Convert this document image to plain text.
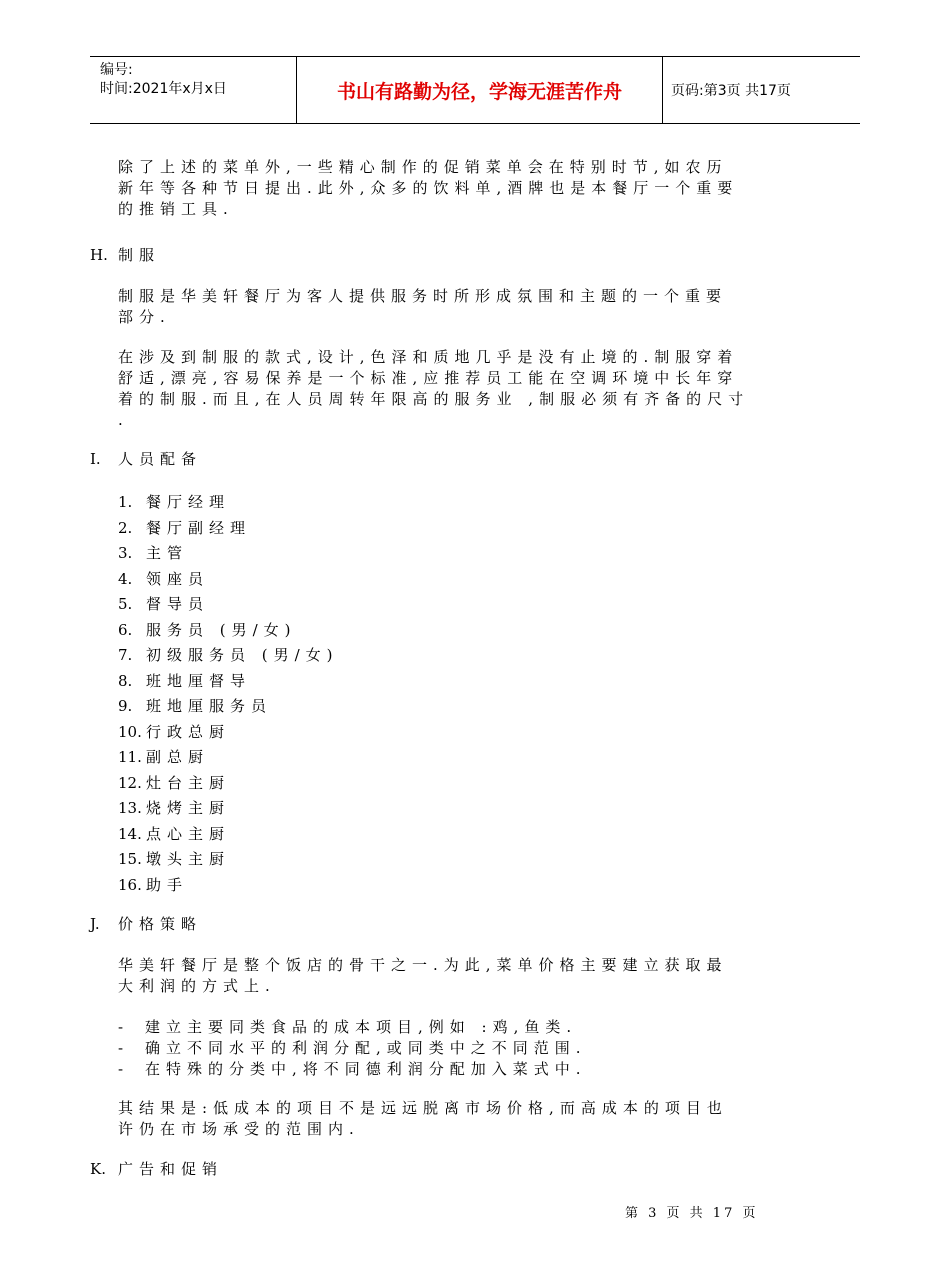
编号:
时间:2021年x月x日	书山有路勤为径，学海无涯苦作舟	页码:第3页 共17页
除了上述的菜单外,一些精心制作的促销菜单会在特别时节,如农历
新年等各种节日提出.此外,众多的饮料单,酒牌也是本餐厅一个重要
的推销工具.
H. 制服
制服是华美轩餐厅为客人提供服务时所形成氛围和主题的一个重要
部分.
在涉及到制服的款式,设计,色泽和质地几乎是没有止境的.制服穿着
舒适,漂亮,容易保养是一个标准,应推荐员工能在空调环境中长年穿
着的制服.而且,在人员周转年限高的服务业 ,制服必须有齐备的尺寸
.
I. 人员配备
1. 餐厅经理
2. 餐厅副经理
3. 主管
4. 领座员
5. 督导员
6. 服务员 (男/女)
7. 初级服务员 (男/女)
8. 班地厘督导
9. 班地厘服务员
10. 行政总厨
11. 副总厨
12. 灶台主厨
13. 烧烤主厨
14. 点心主厨
15. 墩头主厨
16. 助手
J. 价格策略
华美轩餐厅是整个饭店的骨干之一.为此,菜单价格主要建立获取最
大利润的方式上.
- 建立主要同类食品的成本项目,例如 :鸡,鱼类.
- 确立不同水平的利润分配,或同类中之不同范围.
- 在特殊的分类中,将不同德利润分配加入菜式中.
其结果是:低成本的项目不是远远脱离市场价格,而高成本的项目也
许仍在市场承受的范围内.
K. 广告和促销
第 3 页 共 17 页
